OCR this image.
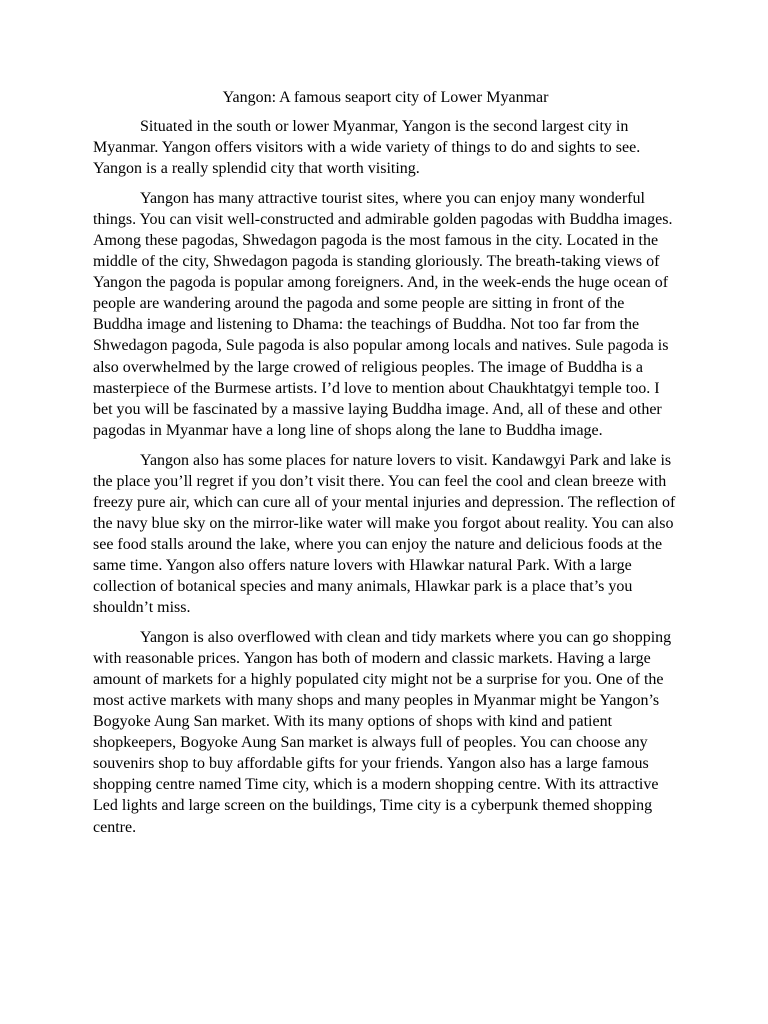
Yangon: A famous seaport city of Lower Myanmar

Situated in the south or lower Myanmar, Yangon is the second largest city in Myanmar. Yangon offers visitors with a wide variety of things to do and sights to see. Yangon is a really splendid city that worth visiting.

Yangon has many attractive tourist sites, where you can enjoy many wonderful things. You can visit well-constructed and admirable golden pagodas with Buddha images. Among these pagodas, Shwedagon pagoda is the most famous in the city. Located in the middle of the city, Shwedagon pagoda is standing gloriously. The breath-taking views of Yangon the pagoda is popular among foreigners. And, in the week-ends the huge ocean of people are wandering around the pagoda and some people are sitting in front of the Buddha image and listening to Dhama: the teachings of Buddha. Not too far from the Shwedagon pagoda, Sule pagoda is also popular among locals and natives. Sule pagoda is also overwhelmed by the large crowed of religious peoples. The image of Buddha is a masterpiece of the Burmese artists. I’d love to mention about Chaukhtatgyi temple too. I bet you will be fascinated by a massive laying Buddha image. And, all of these and other pagodas in Myanmar have a long line of shops along the lane to Buddha image.

Yangon also has some places for nature lovers to visit. Kandawgyi Park and lake is the place you’ll regret if you don’t visit there. You can feel the cool and clean breeze with freezy pure air, which can cure all of your mental injuries and depression. The reflection of the navy blue sky on the mirror-like water will make you forgot about reality. You can also see food stalls around the lake, where you can enjoy the nature and delicious foods at the same time. Yangon also offers nature lovers with Hlawkar natural Park. With a large collection of botanical species and many animals, Hlawkar park is a place that’s you shouldn’t miss.

Yangon is also overflowed with clean and tidy markets where you can go shopping with reasonable prices. Yangon has both of modern and classic markets. Having a large amount of markets for a highly populated city might not be a surprise for you. One of the most active markets with many shops and many peoples in Myanmar might be Yangon’s Bogyoke Aung San market. With its many options of shops with kind and patient shopkeepers, Bogyoke Aung San market is always full of peoples. You can choose any souvenirs shop to buy affordable gifts for your friends. Yangon also has a large famous shopping centre named Time city, which is a modern shopping centre. With its attractive Led lights and large screen on the buildings, Time city is a cyberpunk themed shopping centre.
